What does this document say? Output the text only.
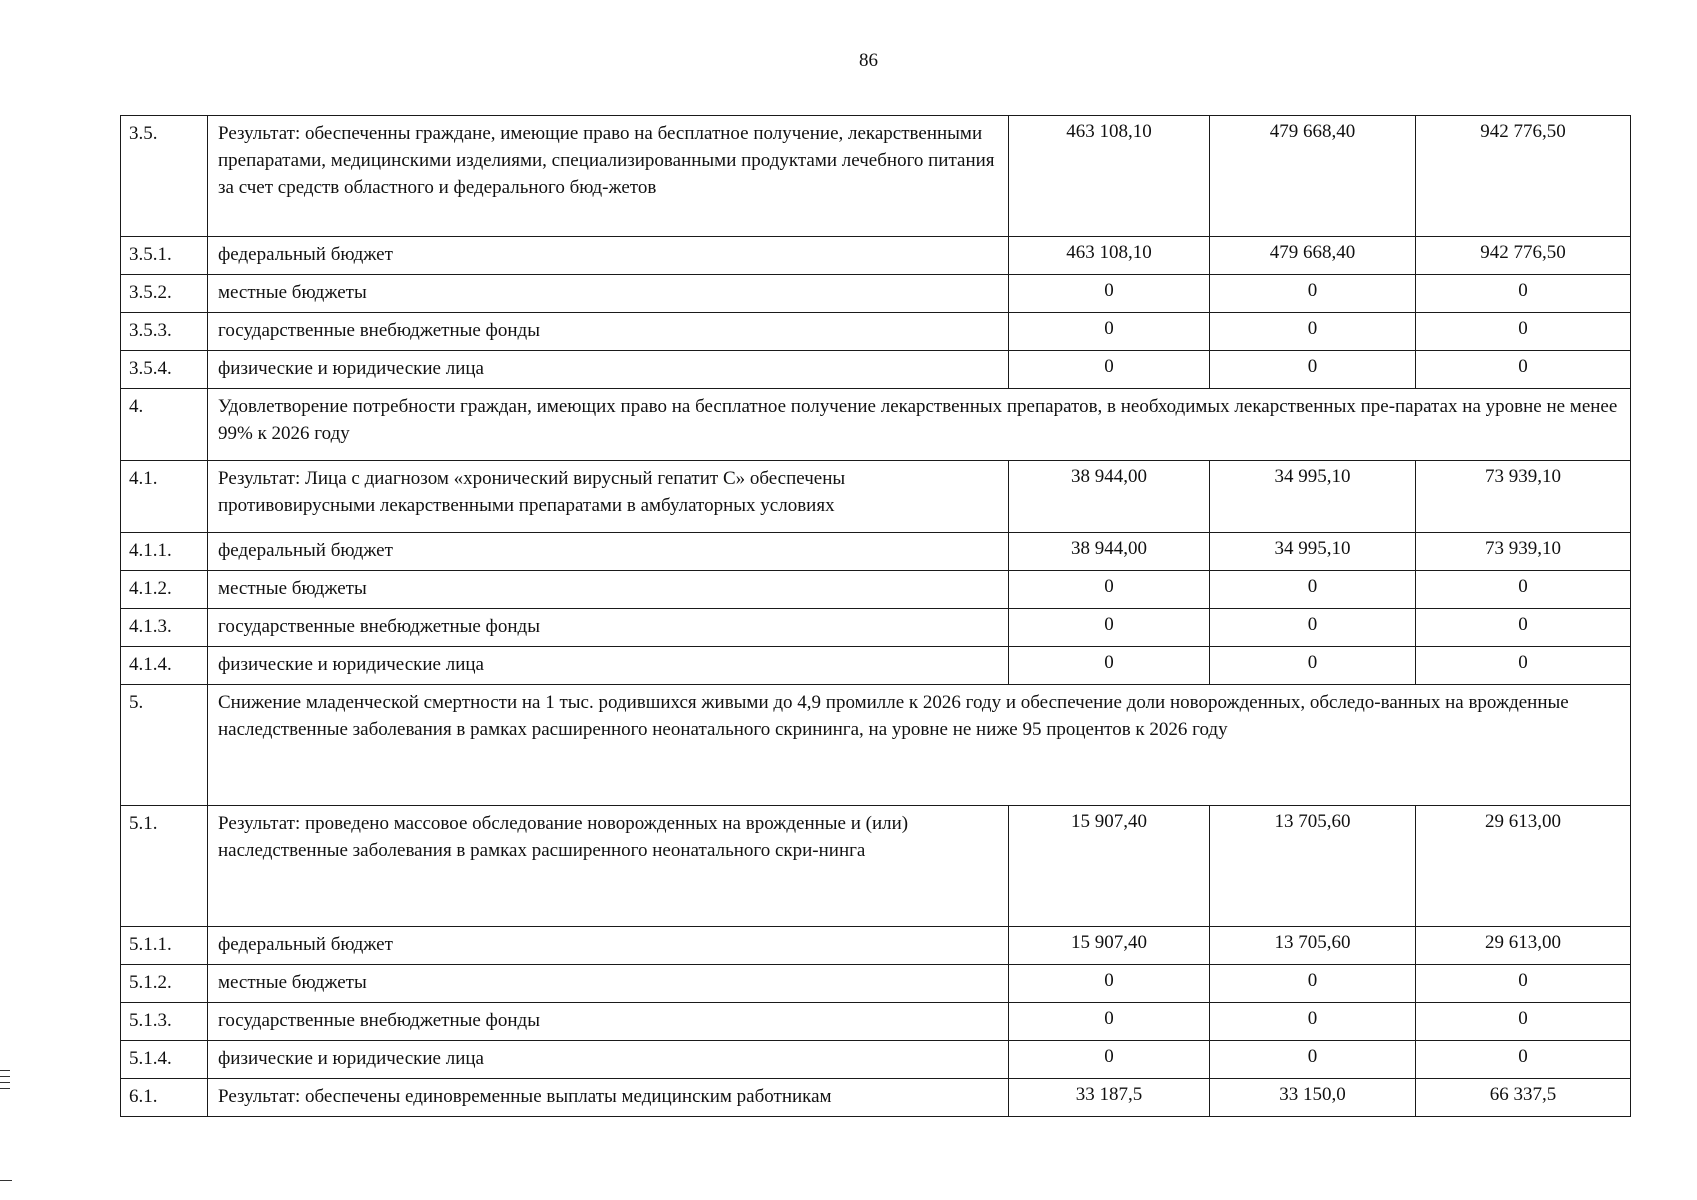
86
3.5.	Результат: обеспеченны граждане, имеющие право на бесплатное получение, лекарственными препаратами, медицинскими изделиями, специализированными продуктами лечебного питания за счет средств областного и федерального бюд-жетов	463 108,10	479 668,40	942 776,50
3.5.1.	федеральный бюджет	463 108,10	479 668,40	942 776,50
3.5.2.	местные бюджеты	0	0	0
3.5.3.	государственные внебюджетные фонды	0	0	0
3.5.4.	физические и юридические лица	0	0	0
4.	Удовлетворение потребности граждан, имеющих право на бесплатное получение лекарственных препаратов, в необходимых лекарственных пре-паратах на уровне не менее 99% к 2026 году			
4.1.	Результат: Лица с диагнозом «хронический вирусный гепатит С» обеспечены противовирусными лекарственными препаратами в амбулаторных условиях	38 944,00	34 995,10	73 939,10
4.1.1.	федеральный бюджет	38 944,00	34 995,10	73 939,10
4.1.2.	местные бюджеты	0	0	0
4.1.3.	государственные внебюджетные фонды	0	0	0
4.1.4.	физические и юридические лица	0	0	0
5.	Снижение младенческой смертности на 1 тыс. родившихся живыми до 4,9 промилле к 2026 году и обеспечение доли новорожденных, обследо-ванных на врожденные наследственные заболевания в рамках расширенного неонатального скрининга, на уровне не ниже 95 процентов к 2026 году			
5.1.	Результат: проведено массовое обследование новорожденных на врожденные и (или) наследственные заболевания в рамках расширенного неонатального скри-нинга	15 907,40	13 705,60	29 613,00
5.1.1.	федеральный бюджет	15 907,40	13 705,60	29 613,00
5.1.2.	местные бюджеты	0	0	0
5.1.3.	государственные внебюджетные фонды	0	0	0
5.1.4.	физические и юридические лица	0	0	0
6.1.	Результат: обеспечены единовременные выплаты медицинским работникам	33 187,5	33 150,0	66 337,5
